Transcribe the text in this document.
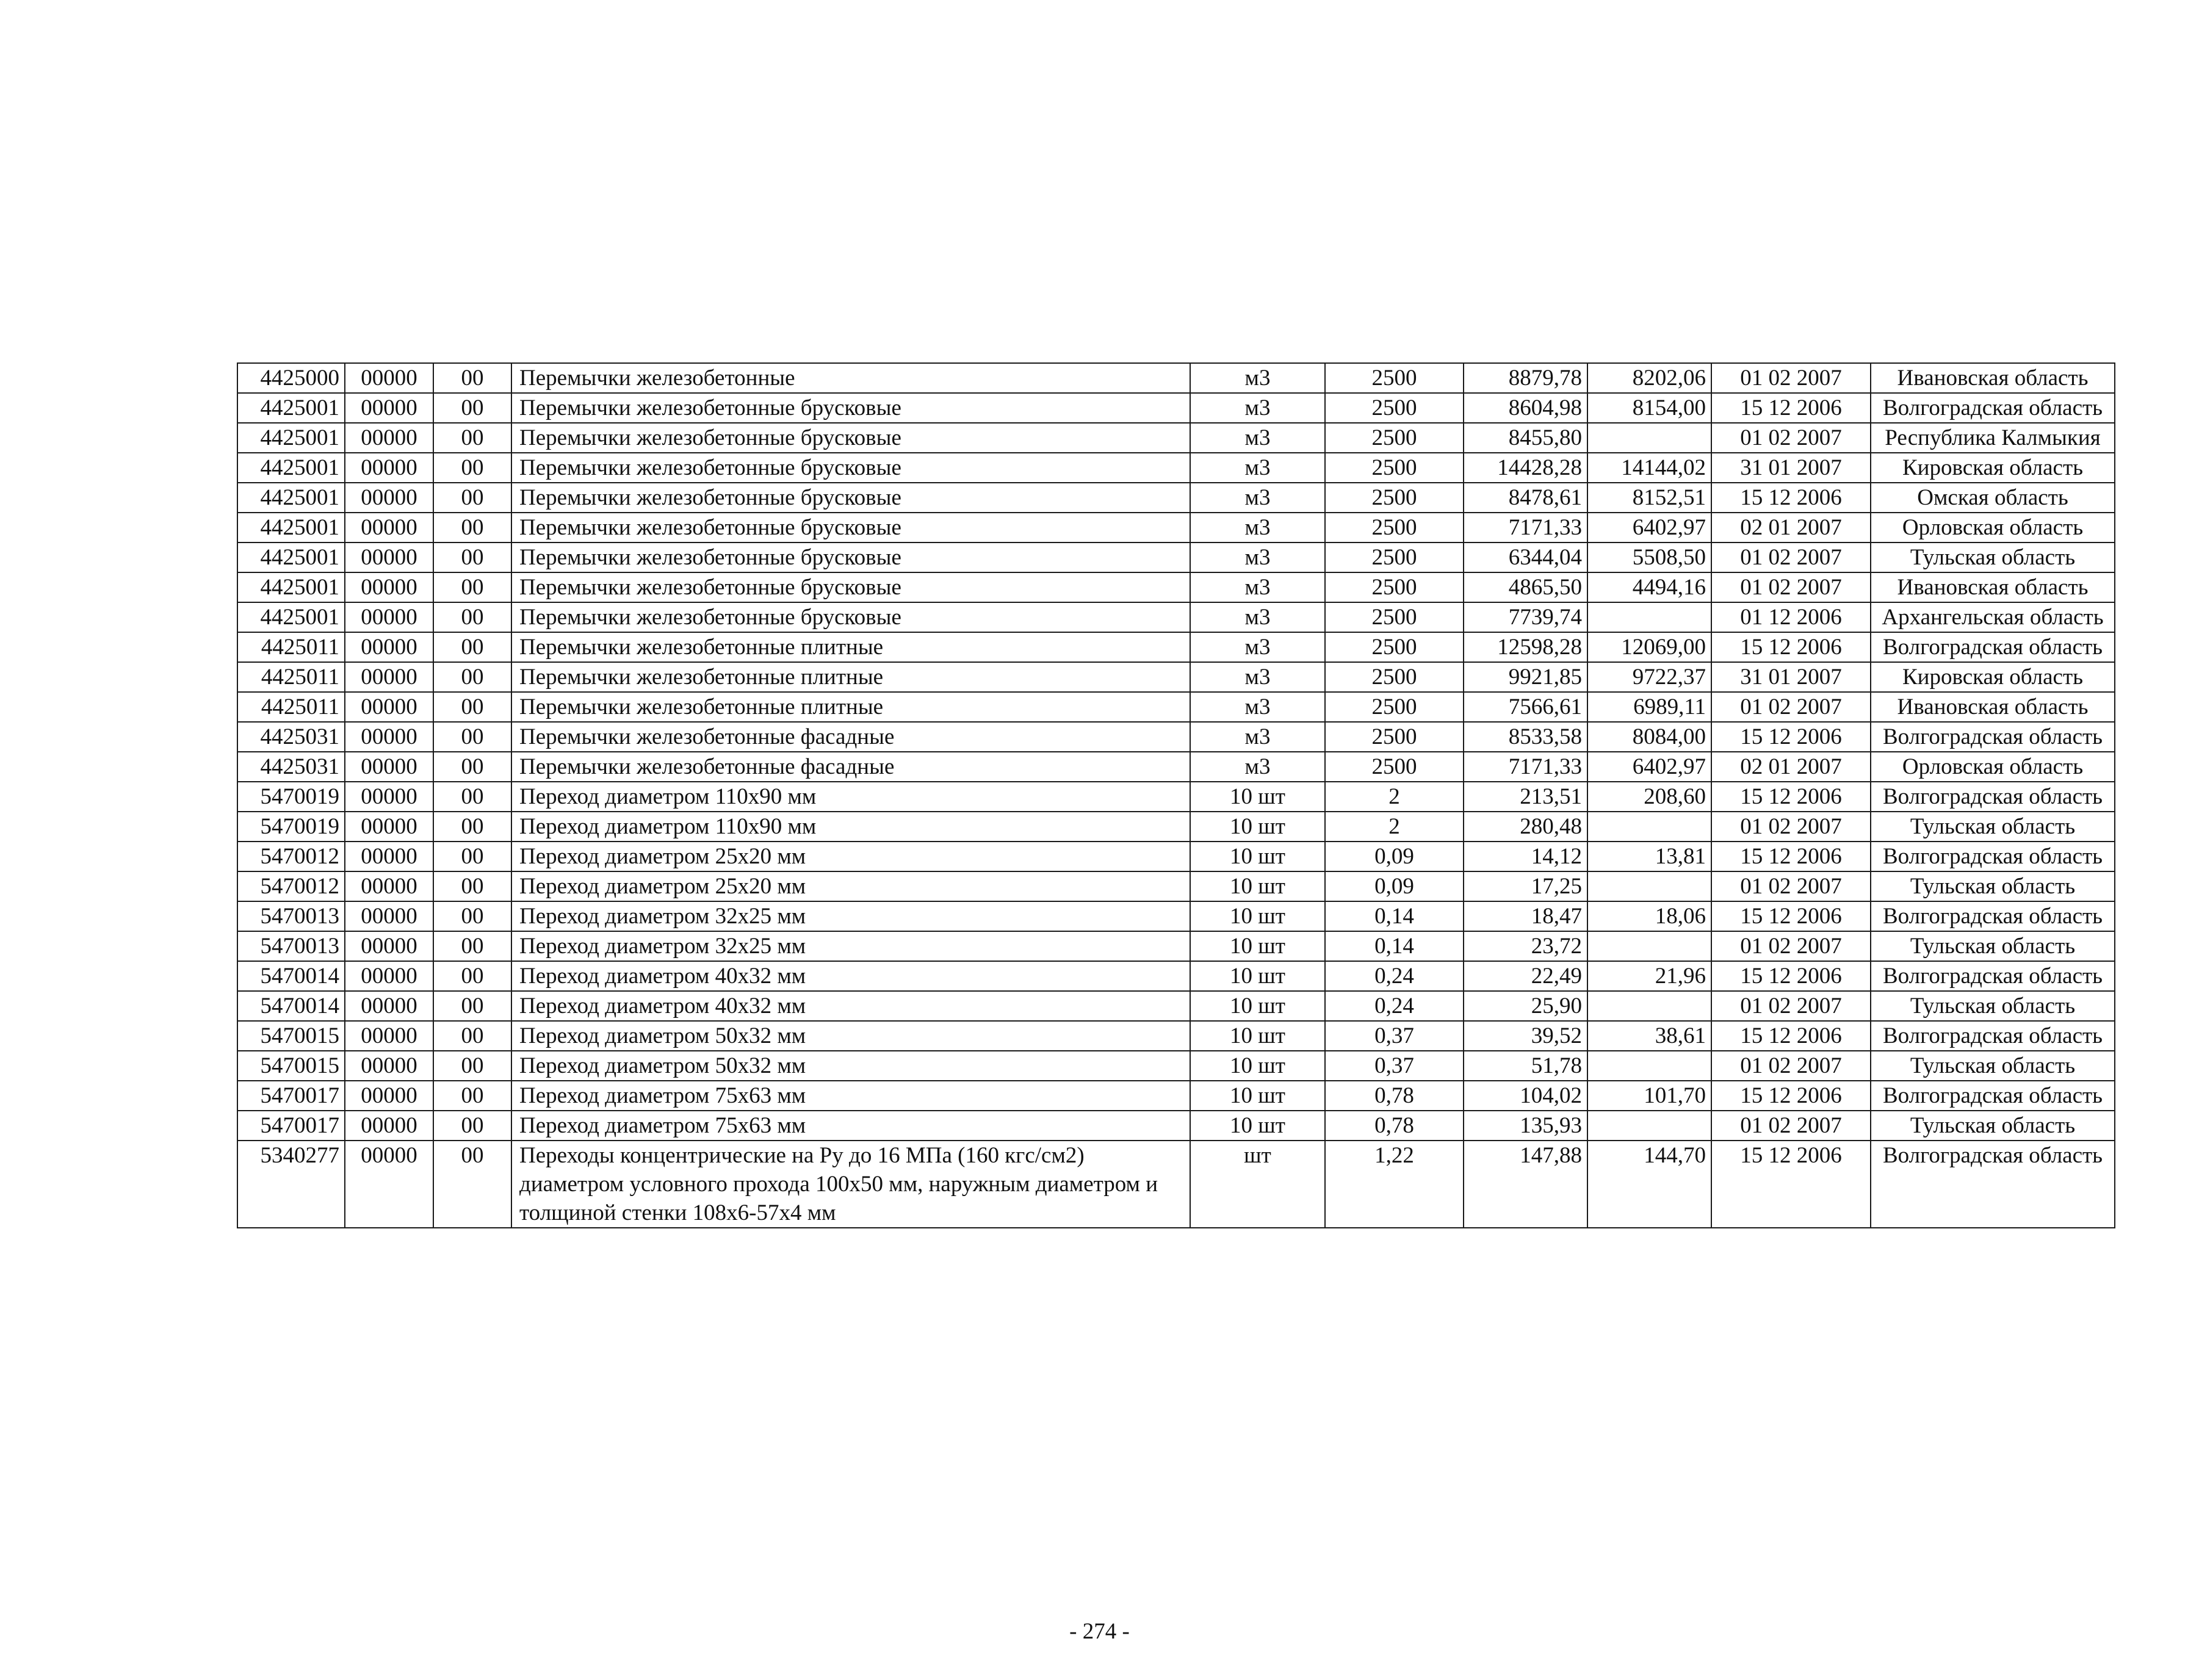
4425000	00000	00	Перемычки железобетонные	м3	2500	8879,78	8202,06	01 02 2007	Ивановская область
4425001	00000	00	Перемычки железобетонные брусковые	м3	2500	8604,98	8154,00	15 12 2006	Волгоградская область
4425001	00000	00	Перемычки железобетонные брусковые	м3	2500	8455,80		01 02 2007	Республика Калмыкия
4425001	00000	00	Перемычки железобетонные брусковые	м3	2500	14428,28	14144,02	31 01 2007	Кировская область
4425001	00000	00	Перемычки железобетонные брусковые	м3	2500	8478,61	8152,51	15 12 2006	Омская область
4425001	00000	00	Перемычки железобетонные брусковые	м3	2500	7171,33	6402,97	02 01 2007	Орловская область
4425001	00000	00	Перемычки железобетонные брусковые	м3	2500	6344,04	5508,50	01 02 2007	Тульская область
4425001	00000	00	Перемычки железобетонные брусковые	м3	2500	4865,50	4494,16	01 02 2007	Ивановская область
4425001	00000	00	Перемычки железобетонные брусковые	м3	2500	7739,74		01 12 2006	Архангельская область
4425011	00000	00	Перемычки железобетонные плитные	м3	2500	12598,28	12069,00	15 12 2006	Волгоградская область
4425011	00000	00	Перемычки железобетонные плитные	м3	2500	9921,85	9722,37	31 01 2007	Кировская область
4425011	00000	00	Перемычки железобетонные плитные	м3	2500	7566,61	6989,11	01 02 2007	Ивановская область
4425031	00000	00	Перемычки железобетонные фасадные	м3	2500	8533,58	8084,00	15 12 2006	Волгоградская область
4425031	00000	00	Перемычки железобетонные фасадные	м3	2500	7171,33	6402,97	02 01 2007	Орловская область
5470019	00000	00	Переход диаметром 110х90 мм	10 шт	2	213,51	208,60	15 12 2006	Волгоградская область
5470019	00000	00	Переход диаметром 110х90 мм	10 шт	2	280,48		01 02 2007	Тульская область
5470012	00000	00	Переход диаметром 25х20 мм	10 шт	0,09	14,12	13,81	15 12 2006	Волгоградская область
5470012	00000	00	Переход диаметром 25х20 мм	10 шт	0,09	17,25		01 02 2007	Тульская область
5470013	00000	00	Переход диаметром 32х25 мм	10 шт	0,14	18,47	18,06	15 12 2006	Волгоградская область
5470013	00000	00	Переход диаметром 32х25 мм	10 шт	0,14	23,72		01 02 2007	Тульская область
5470014	00000	00	Переход диаметром 40х32 мм	10 шт	0,24	22,49	21,96	15 12 2006	Волгоградская область
5470014	00000	00	Переход диаметром 40х32 мм	10 шт	0,24	25,90		01 02 2007	Тульская область
5470015	00000	00	Переход диаметром 50х32 мм	10 шт	0,37	39,52	38,61	15 12 2006	Волгоградская область
5470015	00000	00	Переход диаметром 50х32 мм	10 шт	0,37	51,78		01 02 2007	Тульская область
5470017	00000	00	Переход диаметром 75х63 мм	10 шт	0,78	104,02	101,70	15 12 2006	Волгоградская область
5470017	00000	00	Переход диаметром 75х63 мм	10 шт	0,78	135,93		01 02 2007	Тульская область
5340277	00000	00	Переходы концентрические на Ру до 16 МПа (160 кгс/см2) диаметром условного прохода 100х50 мм, наружным диаметром и толщиной стенки 108х6-57х4 мм	шт	1,22	147,88	144,70	15 12 2006	Волгоградская область
- 274 -
